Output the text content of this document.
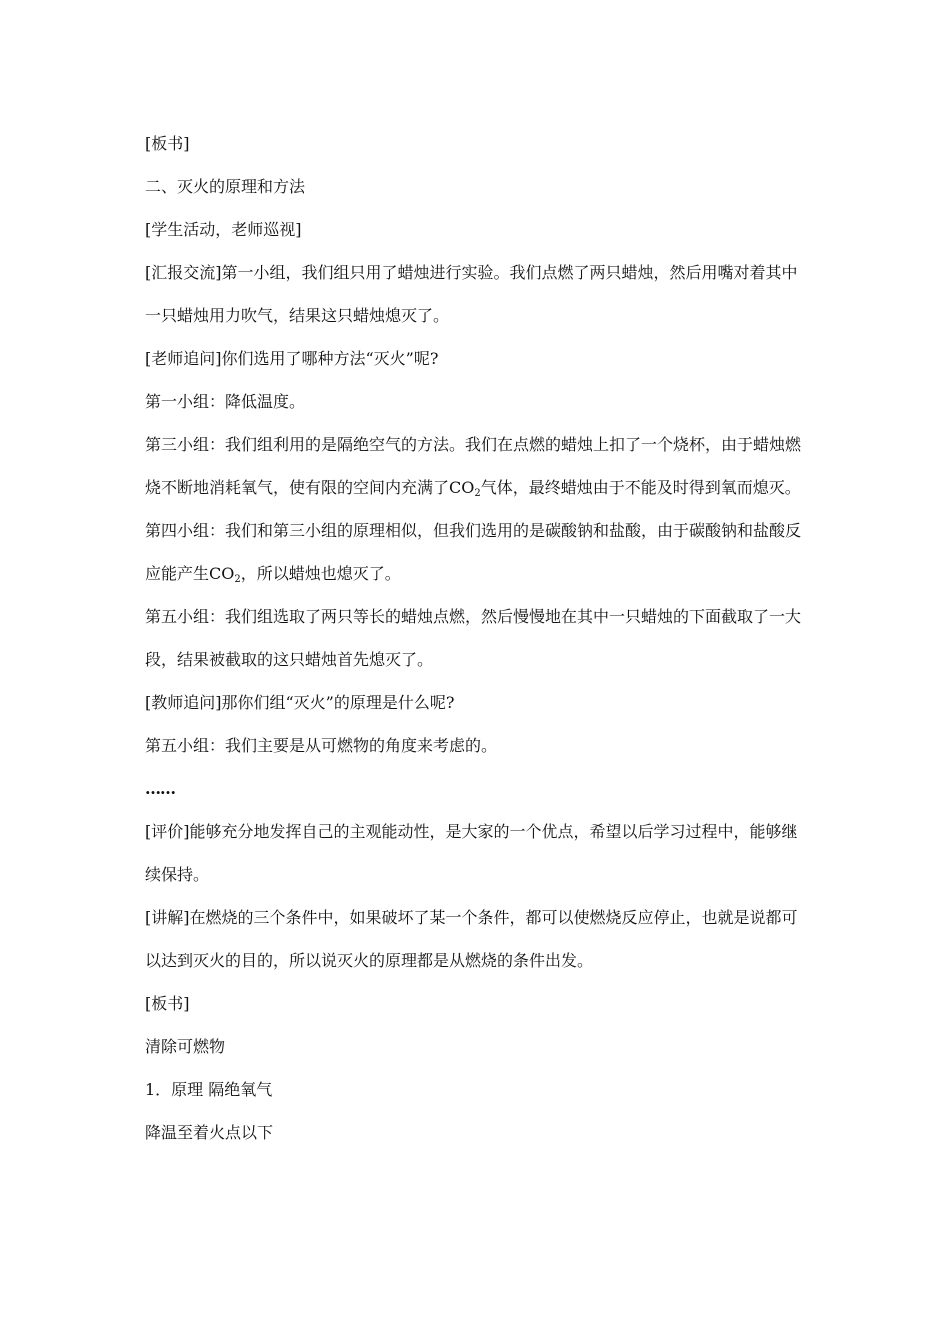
[板书]

二、灭火的原理和方法

[学生活动，老师巡视]

[汇报交流]第一小组，我们组只用了蜡烛进行实验。我们点燃了两只蜡烛，然后用嘴对着其中一只蜡烛用力吹气，结果这只蜡烛熄灭了。

[老师追问]你们选用了哪种方法“灭火”呢?

第一小组：降低温度。

第三小组：我们组利用的是隔绝空气的方法。我们在点燃的蜡烛上扣了一个烧杯，由于蜡烛燃烧不断地消耗氧气，使有限的空间内充满了$CO_2$气体，最终蜡烛由于不能及时得到氧而熄灭。

第四小组：我们和第三小组的原理相似，但我们选用的是碳酸钠和盐酸，由于碳酸钠和盐酸反应能产生$CO_2$，所以蜡烛也熄灭了。

第五小组：我们组选取了两只等长的蜡烛点燃，然后慢慢地在其中一只蜡烛的下面截取了一大段，结果被截取的这只蜡烛首先熄灭了。

[教师追问]那你们组“灭火”的原理是什么呢?

第五小组：我们主要是从可燃物的角度来考虑的。

……

[评价]能够充分地发挥自己的主观能动性，是大家的一个优点，希望以后学习过程中，能够继续保持。

[讲解]在燃烧的三个条件中，如果破坏了某一个条件，都可以使燃烧反应停止，也就是说都可以达到灭火的目的，所以说灭火的原理都是从燃烧的条件出发。

[板书]

清除可燃物

1．原理 隔绝氧气

降温至着火点以下
